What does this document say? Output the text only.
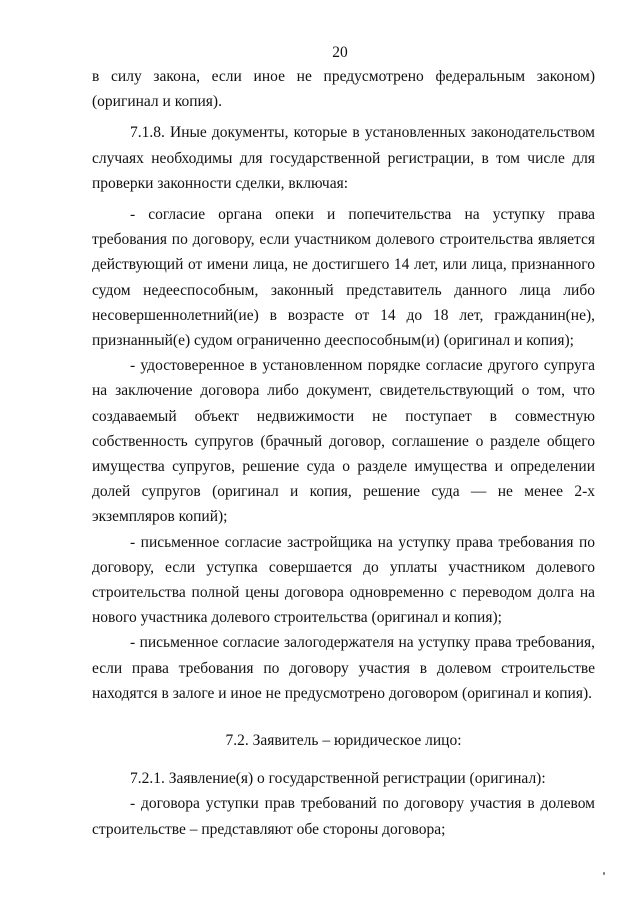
20

в силу закона, если иное не предусмотрено федеральным законом) (оригинал и копия).

7.1.8. Иные документы, которые в установленных законодательством случаях необходимы для государственной регистрации, в том числе для проверки законности сделки, включая:

- согласие органа опеки и попечительства на уступку права требования по договору, если участником долевого строительства является действующий от имени лица, не достигшего 14 лет, или лица, признанного судом недееспособным, законный представитель данного лица либо несовершеннолетний(ие) в возрасте от 14 до 18 лет, гражданин(не), признанный(е) судом ограниченно дееспособным(и) (оригинал и копия);

- удостоверенное в установленном порядке согласие другого супруга на заключение договора либо документ, свидетельствующий о том, что создаваемый объект недвижимости не поступает в совместную собственность супругов (брачный договор, соглашение о разделе общего имущества супругов, решение суда о разделе имущества и определении долей супругов (оригинал и копия, решение суда — не менее 2-х экземпляров копий);

- письменное согласие застройщика на уступку права требования по договору, если уступка совершается до уплаты участником долевого строительства полной цены договора одновременно с переводом долга на нового участника долевого строительства (оригинал и копия);

- письменное согласие залогодержателя на уступку права требования, если права требования по договору участия в долевом строительстве находятся в залоге и иное не предусмотрено договором (оригинал и копия).

7.2. Заявитель – юридическое лицо:

7.2.1. Заявление(я) о государственной регистрации (оригинал):

- договора уступки прав требований по договору участия в долевом строительстве – представляют обе стороны договора;
